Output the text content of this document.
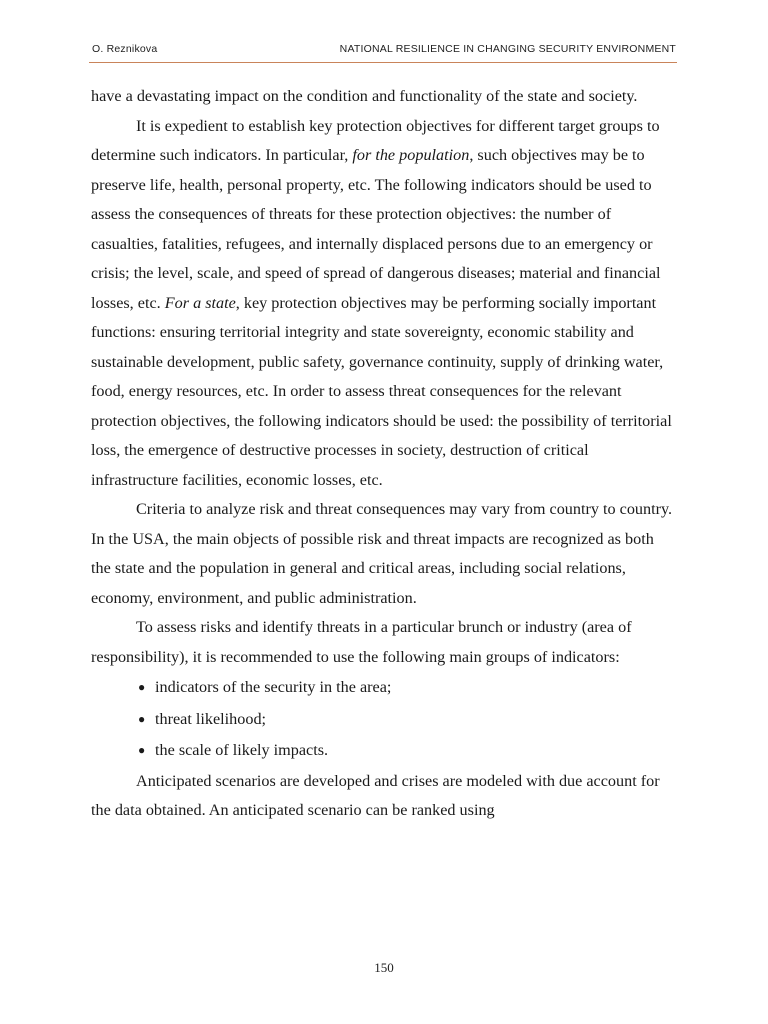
O. Reznikova	NATIONAL RESILIENCE IN CHANGING SECURITY ENVIRONMENT

have a devastating impact on the condition and functionality of the state and society.

It is expedient to establish key protection objectives for different target groups to determine such indicators. In particular, for the population, such objectives may be to preserve life, health, personal property, etc. The following indicators should be used to assess the consequences of threats for these protection objectives: the number of casualties, fatalities, refugees, and internally displaced persons due to an emergency or crisis; the level, scale, and speed of spread of dangerous diseases; material and financial losses, etc. For a state, key protection objectives may be performing socially important functions: ensuring territorial integrity and state sovereignty, economic stability and sustainable development, public safety, governance continuity, supply of drinking water, food, energy resources, etc. In order to assess threat consequences for the relevant protection objectives, the following indicators should be used: the possibility of territorial loss, the emergence of destructive processes in society, destruction of critical infrastructure facilities, economic losses, etc.

Criteria to analyze risk and threat consequences may vary from country to country. In the USA, the main objects of possible risk and threat impacts are recognized as both the state and the population in general and critical areas, including social relations, economy, environment, and public administration.

To assess risks and identify threats in a particular brunch or industry (area of responsibility), it is recommended to use the following main groups of indicators:

● indicators of the security in the area;
● threat likelihood;
● the scale of likely impacts.

Anticipated scenarios are developed and crises are modeled with due account for the data obtained. An anticipated scenario can be ranked using

150
